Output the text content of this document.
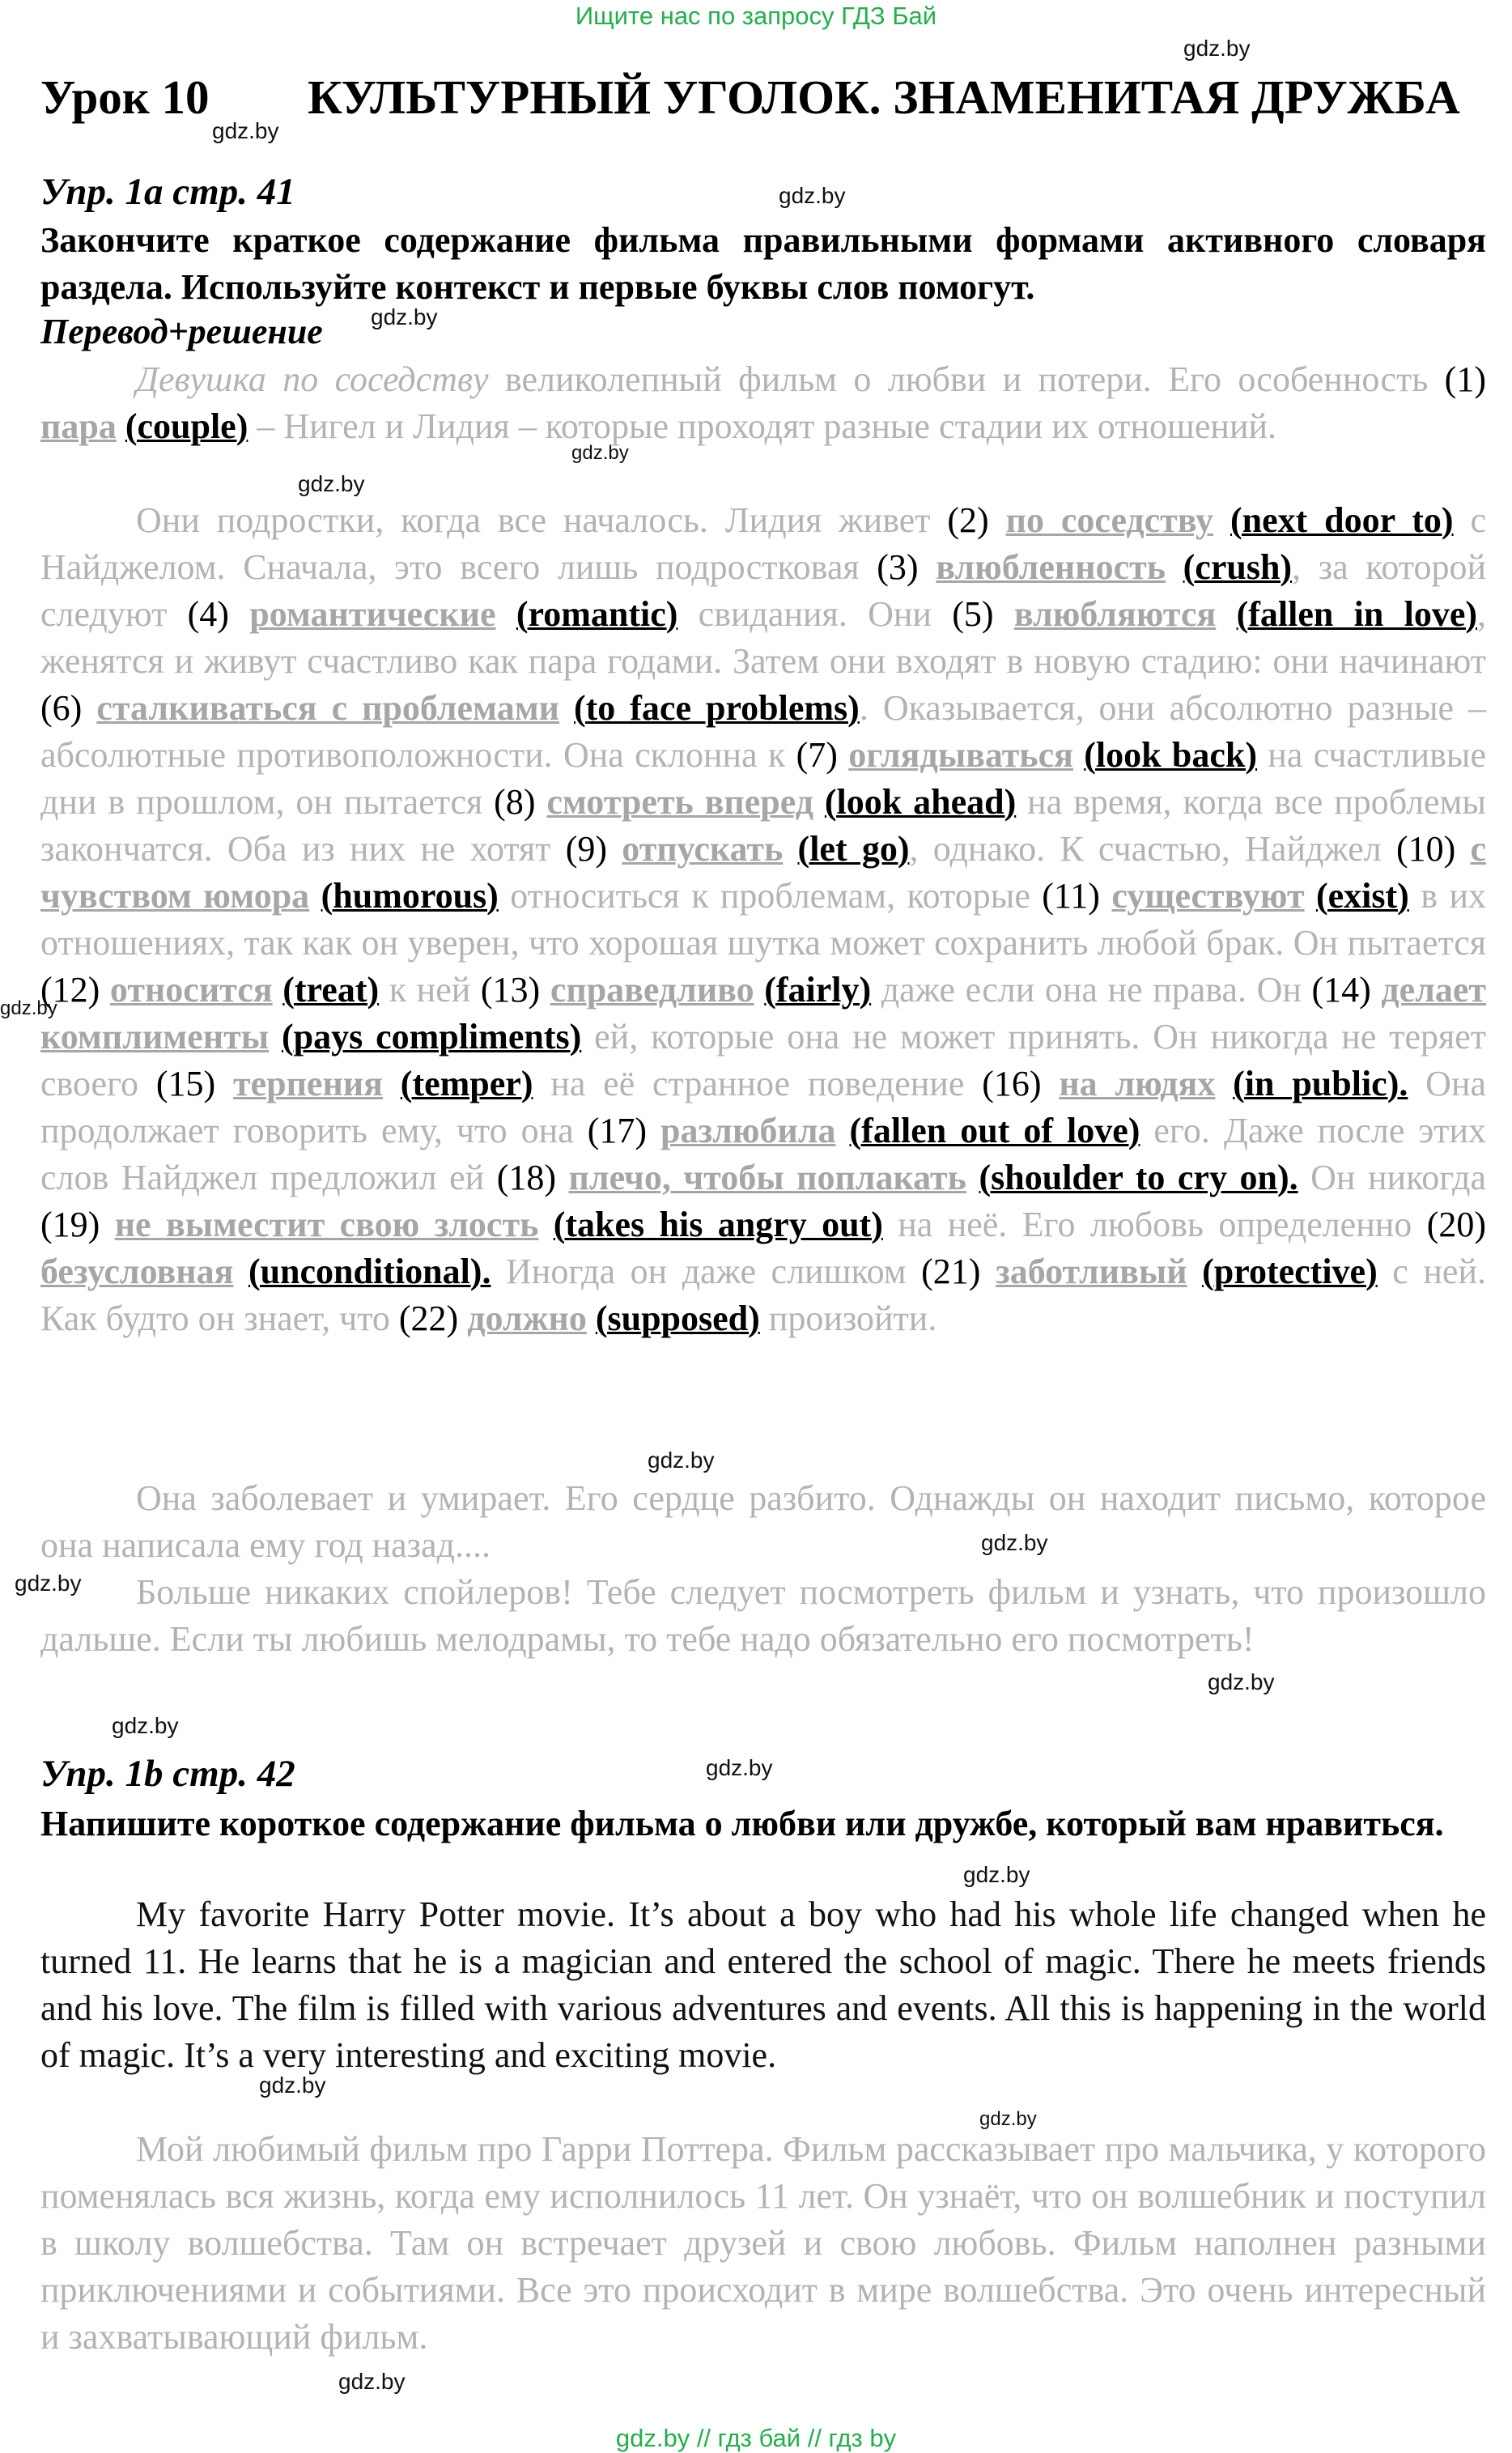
Ищите нас по запросу ГДЗ Бай
gdz.by
gdz.by
gdz.by
gdz.by
gdz.by
gdz.by
gdz.by
gdz.by
gdz.by
gdz.by
gdz.by
gdz.by
gdz.by
gdz.by
gdz.by
gdz.by
gdz.by
Урок 10 КУЛЬТУРНЫЙ УГОЛОК. ЗНАМЕНИТАЯ ДРУЖБА
Упр. 1a стр. 41
Закончите краткое содержание фильма правильными формами активного словаря раздела. Используйте контекст и первые буквы слов помогут.
Перевод+решение
Девушка по соседству великолепный фильм о любви и потери. Его особенность (1) пара (couple) – Нигел и Лидия – которые проходят разные стадии их отношений.
Они подростки, когда все началось. Лидия живет (2) по соседству (next door to) с Найджелом. Сначала, это всего лишь подростковая (3) влюбленность (crush), за которой следуют (4) романтические (romantic) свидания. Они (5) влюбляются (fallen in love), женятся и живут счастливо как пара годами. Затем они входят в новую стадию: они начинают (6) сталкиваться с проблемами (to face problems). Оказывается, они абсолютно разные – абсолютные противоположности. Она склонна к (7) оглядываться (look back) на счастливые дни в прошлом, он пытается (8) смотреть вперед (look ahead) на время, когда все проблемы закончатся. Оба из них не хотят (9) отпускать (let go), однако. К счастью, Найджел (10) с чувством юмора (humorous) относиться к проблемам, которые (11) существуют (exist) в их отношениях, так как он уверен, что хорошая шутка может сохранить любой брак. Он пытается (12) относится (treat) к ней (13) справедливо (fairly) даже если она не права. Он (14) делает комплименты (pays compliments) ей, которые она не может принять. Он никогда не теряет своего (15) терпения (temper) на её странное поведение (16) на людях (in public). Она продолжает говорить ему, что она (17) разлюбила (fallen out of love) его. Даже после этих слов Найджел предложил ей (18) плечо, чтобы поплакать (shoulder to cry on). Он никогда (19) не выместит свою злость (takes his angry out) на неё. Его любовь определенно (20) безусловная (unconditional). Иногда он даже слишком (21) заботливый (protective) с ней. Как будто он знает, что (22) должно (supposed) произойти.
Она заболевает и умирает. Его сердце разбито. Однажды он находит письмо, которое она написала ему год назад....
Больше никаких спойлеров! Тебе следует посмотреть фильм и узнать, что произошло дальше. Если ты любишь мелодрамы, то тебе надо обязательно его посмотреть!
Упр. 1b стр. 42
Напишите короткое содержание фильма о любви или дружбе, который вам нравиться.
My favorite Harry Potter movie. It’s about a boy who had his whole life changed when he turned 11. He learns that he is a magician and entered the school of magic. There he meets friends and his love. The film is filled with various adventures and events. All this is happening in the world of magic. It’s a very interesting and exciting movie.
Мой любимый фильм про Гарри Поттера. Фильм рассказывает про мальчика, у которого поменялась вся жизнь, когда ему исполнилось 11 лет. Он узнаёт, что он волшебник и поступил в школу волшебства. Там он встречает друзей и свою любовь. Фильм наполнен разными приключениями и событиями. Все это происходит в мире волшебства. Это очень интересный и захватывающий фильм.
gdz.by // гдз бай // гдз by
